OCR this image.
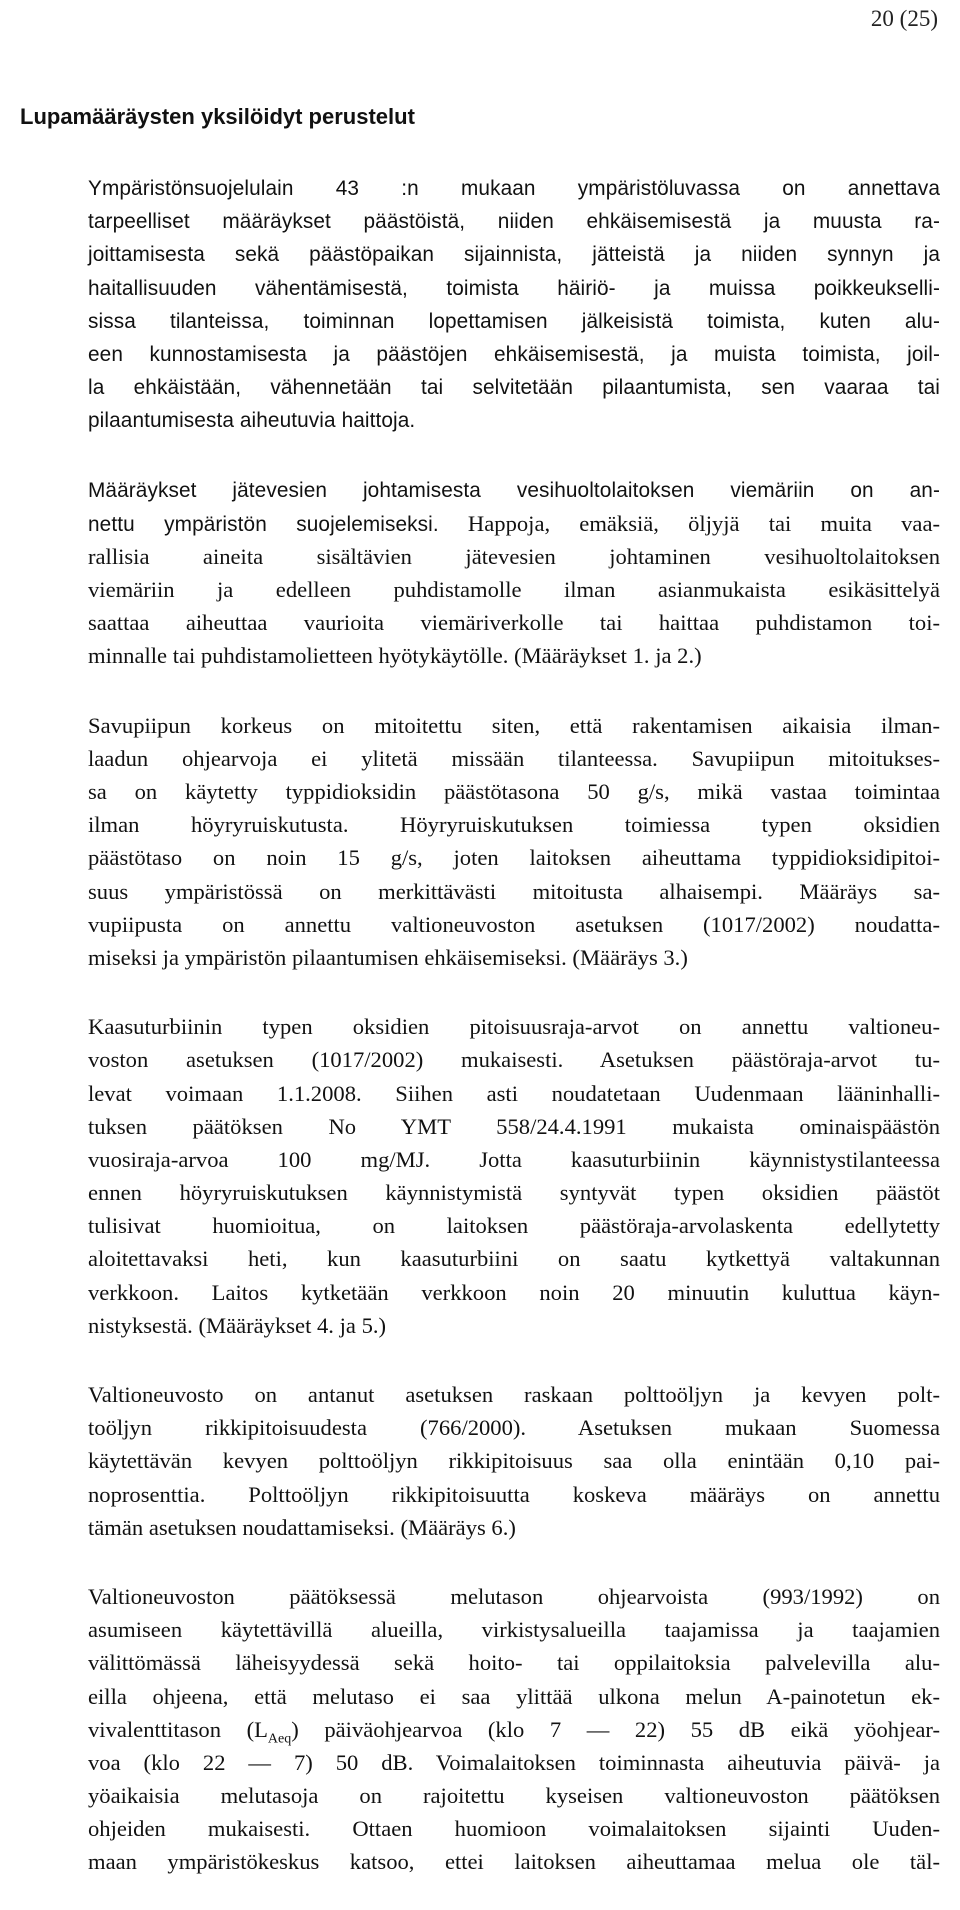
20 (25)
Lupamääräysten yksilöidyt perustelut

Ympäristönsuojelulain 43 :n mukaan ympäristöluvassa on annettava
tarpeelliset määräykset päästöistä, niiden ehkäisemisestä ja muusta ra-
joittamisesta sekä päästöpaikan sijainnista, jätteistä ja niiden synnyn ja
haitallisuuden vähentämisestä, toimista häiriö- ja muissa poikkeukselli-
sissa tilanteissa, toiminnan lopettamisen jälkeisistä toimista, kuten alu-
een kunnostamisesta ja päästöjen ehkäisemisestä, ja muista toimista, joil-
la ehkäistään, vähennetään tai selvitetään pilaantumista, sen vaaraa tai
pilaantumisesta aiheutuvia haittoja.

Määräykset jätevesien johtamisesta vesihuoltolaitoksen viemäriin on an-
nettu ympäristön suojelemiseksi. Happoja, emäksiä, öljyjä tai muita vaa-
rallisia aineita sisältävien jätevesien johtaminen vesihuoltolaitoksen
viemäriin ja edelleen puhdistamolle ilman asianmukaista esikäsittelyä
saattaa aiheuttaa vaurioita viemäriverkolle tai haittaa puhdistamon toi-
minnalle tai puhdistamolietteen hyötykäytölle. (Määräykset 1. ja 2.)

Savupiipun korkeus on mitoitettu siten, että rakentamisen aikaisia ilman-
laadun ohjearvoja ei ylitetä missään tilanteessa. Savupiipun mitoitukses-
sa on käytetty typpidioksidin päästötasona 50 g/s, mikä vastaa toimintaa
ilman höyryruiskutusta. Höyryruiskutuksen toimiessa typen oksidien
päästötaso on noin 15 g/s, joten laitoksen aiheuttama typpidioksidipitoi-
suus ympäristössä on merkittävästi mitoitusta alhaisempi. Määräys sa-
vupiipusta on annettu valtioneuvoston asetuksen (1017/2002) noudatta-
miseksi ja ympäristön pilaantumisen ehkäisemiseksi. (Määräys 3.)

Kaasuturbiinin typen oksidien pitoisuusraja-arvot on annettu valtioneu-
voston asetuksen (1017/2002) mukaisesti. Asetuksen päästöraja-arvot tu-
levat voimaan 1.1.2008. Siihen asti noudatetaan Uudenmaan lääninhalli-
tuksen päätöksen No YMT 558/24.4.1991 mukaista ominaispäästön
vuosiraja-arvoa 100 mg/MJ. Jotta kaasuturbiinin käynnistystilanteessa
ennen höyryruiskutuksen käynnistymistä syntyvät typen oksidien päästöt
tulisivat huomioitua, on laitoksen päästöraja-arvolaskenta edellytetty
aloitettavaksi heti, kun kaasuturbiini on saatu kytkettyä valtakunnan
verkkoon. Laitos kytketään verkkoon noin 20 minuutin kuluttua käyn-
nistyksestä. (Määräykset 4. ja 5.)

Valtioneuvosto on antanut asetuksen raskaan polttoöljyn ja kevyen polt-
toöljyn rikkipitoisuudesta (766/2000). Asetuksen mukaan Suomessa
käytettävän kevyen polttoöljyn rikkipitoisuus saa olla enintään 0,10 pai-
noprosenttia. Polttoöljyn rikkipitoisuutta koskeva määräys on annettu
tämän asetuksen noudattamiseksi. (Määräys 6.)

Valtioneuvoston päätöksessä melutason ohjearvoista (993/1992) on
asumiseen käytettävillä alueilla, virkistysalueilla taajamissa ja taajamien
välittömässä läheisyydessä sekä hoito- tai oppilaitoksia palvelevilla alu-
eilla ohjeena, että melutaso ei saa ylittää ulkona melun A-painotetun ek-
vivalenttitason $(L_{Aeq})$ päiväohjearvoa (klo 7 — 22) 55 dB eikä yöohjear-
voa (klo 22 — 7) 50 dB. Voimalaitoksen toiminnasta aiheutuvia päivä- ja
yöaikaisia melutasoja on rajoitettu kyseisen valtioneuvoston päätöksen
ohjeiden mukaisesti. Ottaen huomioon voimalaitoksen sijainti Uuden-
maan ympäristökeskus katsoo, ettei laitoksen aiheuttamaa melua ole täl-
